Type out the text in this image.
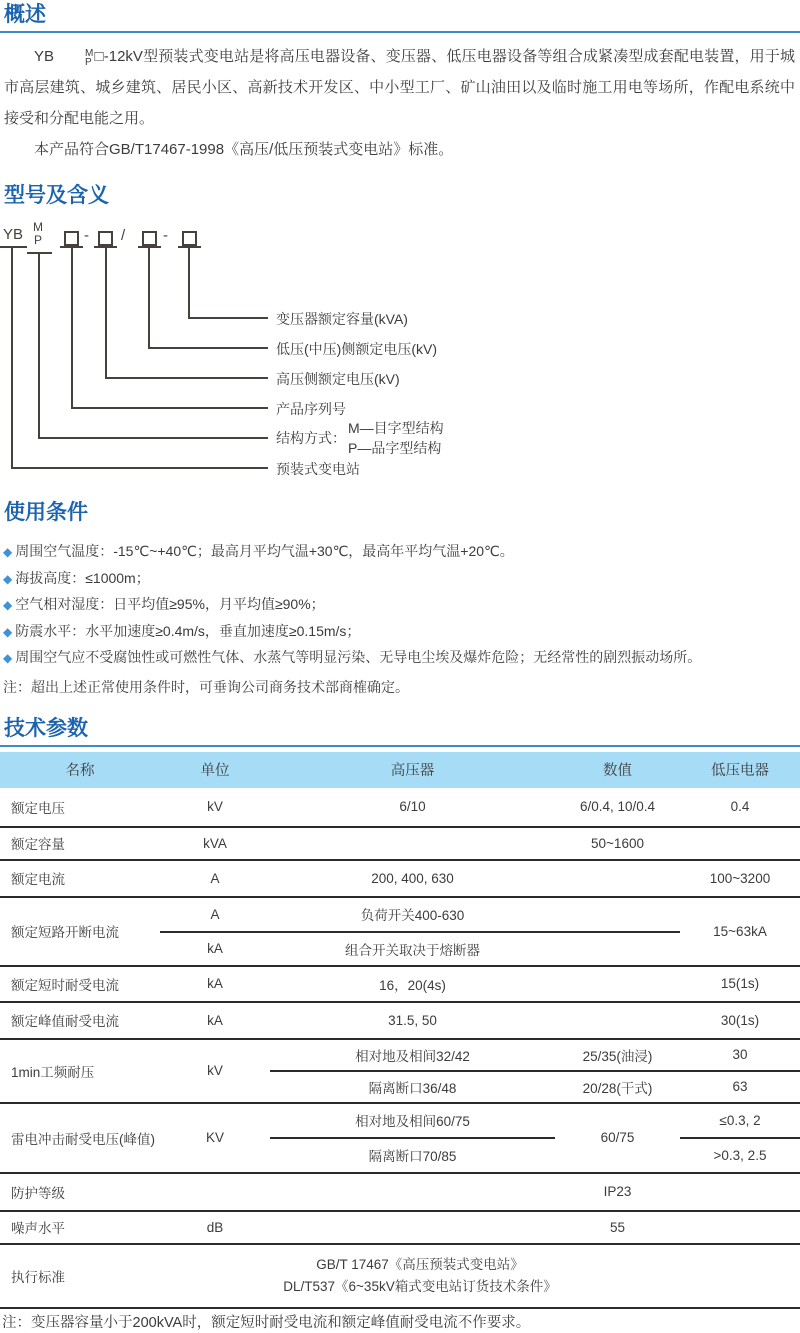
概述

YB	M
P □-12kV型预装式变电站是将高压电器设备、变压器、低压电器设备等组合成紧凑型成套配电装置，用于城市高层建筑、城乡建筑、居民小区、高新技术开发区、中小型工厂、矿山油田以及临时施工用电等场所，作配电系统中接受和分配电能之用。

本产品符合GB/T17467-1998《高压/低压预装式变电站》标准。

型号及含义
YB M
P	- /	-
变压器额定容量(kVA)
低压(中压)侧额定电压(kV)
高压侧额定电压(kV)
产品序列号
结构方式：
M—目字型结构
P—品字型结构
预装式变电站
使用条件

◆ 周围空气温度：-15℃~+40℃；最高月平均气温+30℃，最高年平均气温+20℃。

◆ 海拔高度：≤1000m；

◆ 空气相对湿度：日平均值≥95%，月平均值≥90%；

◆ 防震水平：水平加速度≥0.4m/s，垂直加速度≥0.15m/s；

◆ 周围空气应不受腐蚀性或可燃性气体、水蒸气等明显污染、无导电尘埃及爆炸危险；无经常性的剧烈振动场所。

注：超出上述正常使用条件时，可垂询公司商务技术部商榷确定。

技术参数
名称	单位	高压器	数值	低压电器
额定电压	kV	6/10	6/0.4, 10/0.4	0.4
额定容量	kVA		50~1600	
额定电流	A	200, 400, 630		100~3200
额定短路开断电流	A	负荷开关400-630		15~63kA
	kA	组合开关取决于熔断器		
额定短时耐受电流	kA	16，20(4s)		15(1s)
额定峰值耐受电流	kA	31.5, 50		30(1s)
1min工频耐压	kV	相对地及相间32/42	25/35(油浸)	30
		隔离断口36/48	20/28(干式)	63
雷电冲击耐受电压(峰值)	KV	相对地及相间60/75	60/75	≤0.3, 2
		隔离断口70/85		>0.3, 2.5
防护等级			IP23	
噪声水平	dB		55	
执行标准	GB/T 17467《高压预装式变电站》
DL/T537《6~35kV箱式变电站订货技术条件》			

注：变压器容量小于200kVA时，额定短时耐受电流和额定峰值耐受电流不作要求。
